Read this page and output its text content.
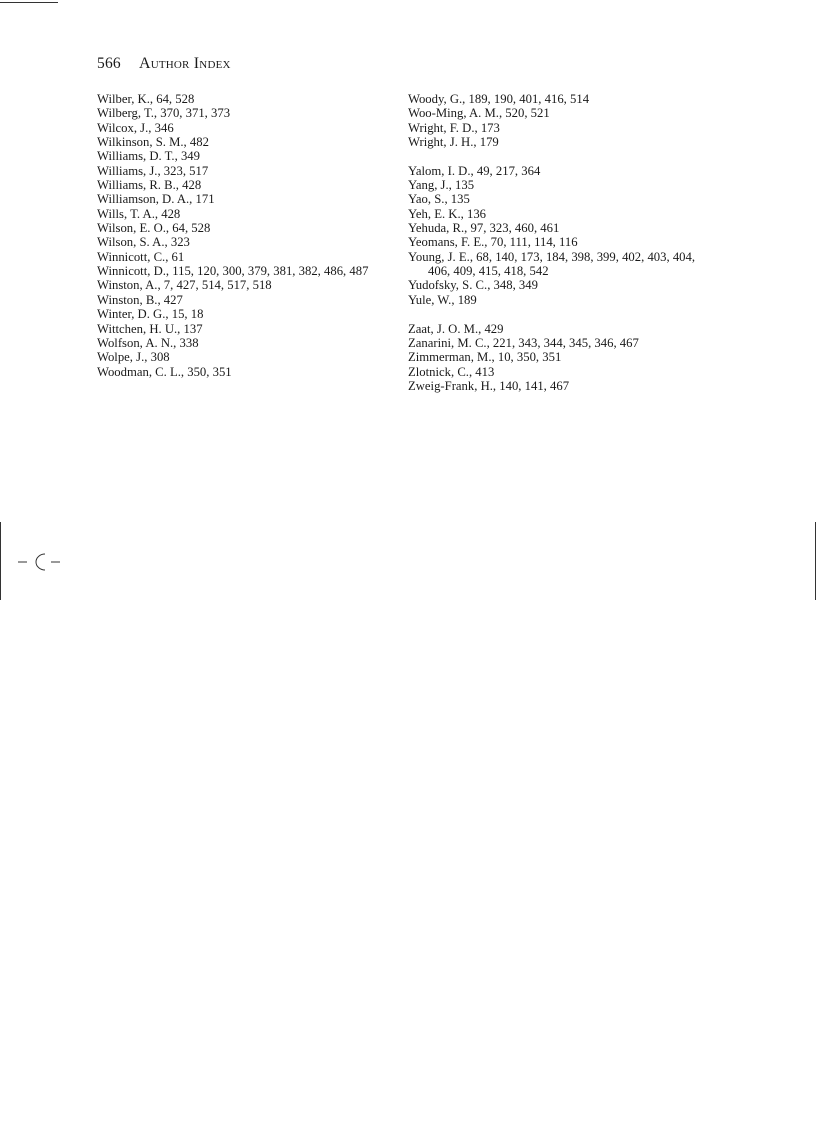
566 Author Index
Wilber, K., 64, 528
Wilberg, T., 370, 371, 373
Wilcox, J., 346
Wilkinson, S. M., 482
Williams, D. T., 349
Williams, J., 323, 517
Williams, R. B., 428
Williamson, D. A., 171
Wills, T. A., 428
Wilson, E. O., 64, 528
Wilson, S. A., 323
Winnicott, C., 61
Winnicott, D., 115, 120, 300, 379, 381, 382, 486, 487
Winston, A., 7, 427, 514, 517, 518
Winston, B., 427
Winter, D. G., 15, 18
Wittchen, H. U., 137
Wolfson, A. N., 338
Wolpe, J., 308
Woodman, C. L., 350, 351
Woody, G., 189, 190, 401, 416, 514
Woo-Ming, A. M., 520, 521
Wright, F. D., 173
Wright, J. H., 179
Yalom, I. D., 49, 217, 364
Yang, J., 135
Yao, S., 135
Yeh, E. K., 136
Yehuda, R., 97, 323, 460, 461
Yeomans, F. E., 70, 111, 114, 116
Young, J. E., 68, 140, 173, 184, 398, 399, 402, 403, 404, 406, 409, 415, 418, 542
Yudofsky, S. C., 348, 349
Yule, W., 189
Zaat, J. O. M., 429
Zanarini, M. C., 221, 343, 344, 345, 346, 467
Zimmerman, M., 10, 350, 351
Zlotnick, C., 413
Zweig-Frank, H., 140, 141, 467
